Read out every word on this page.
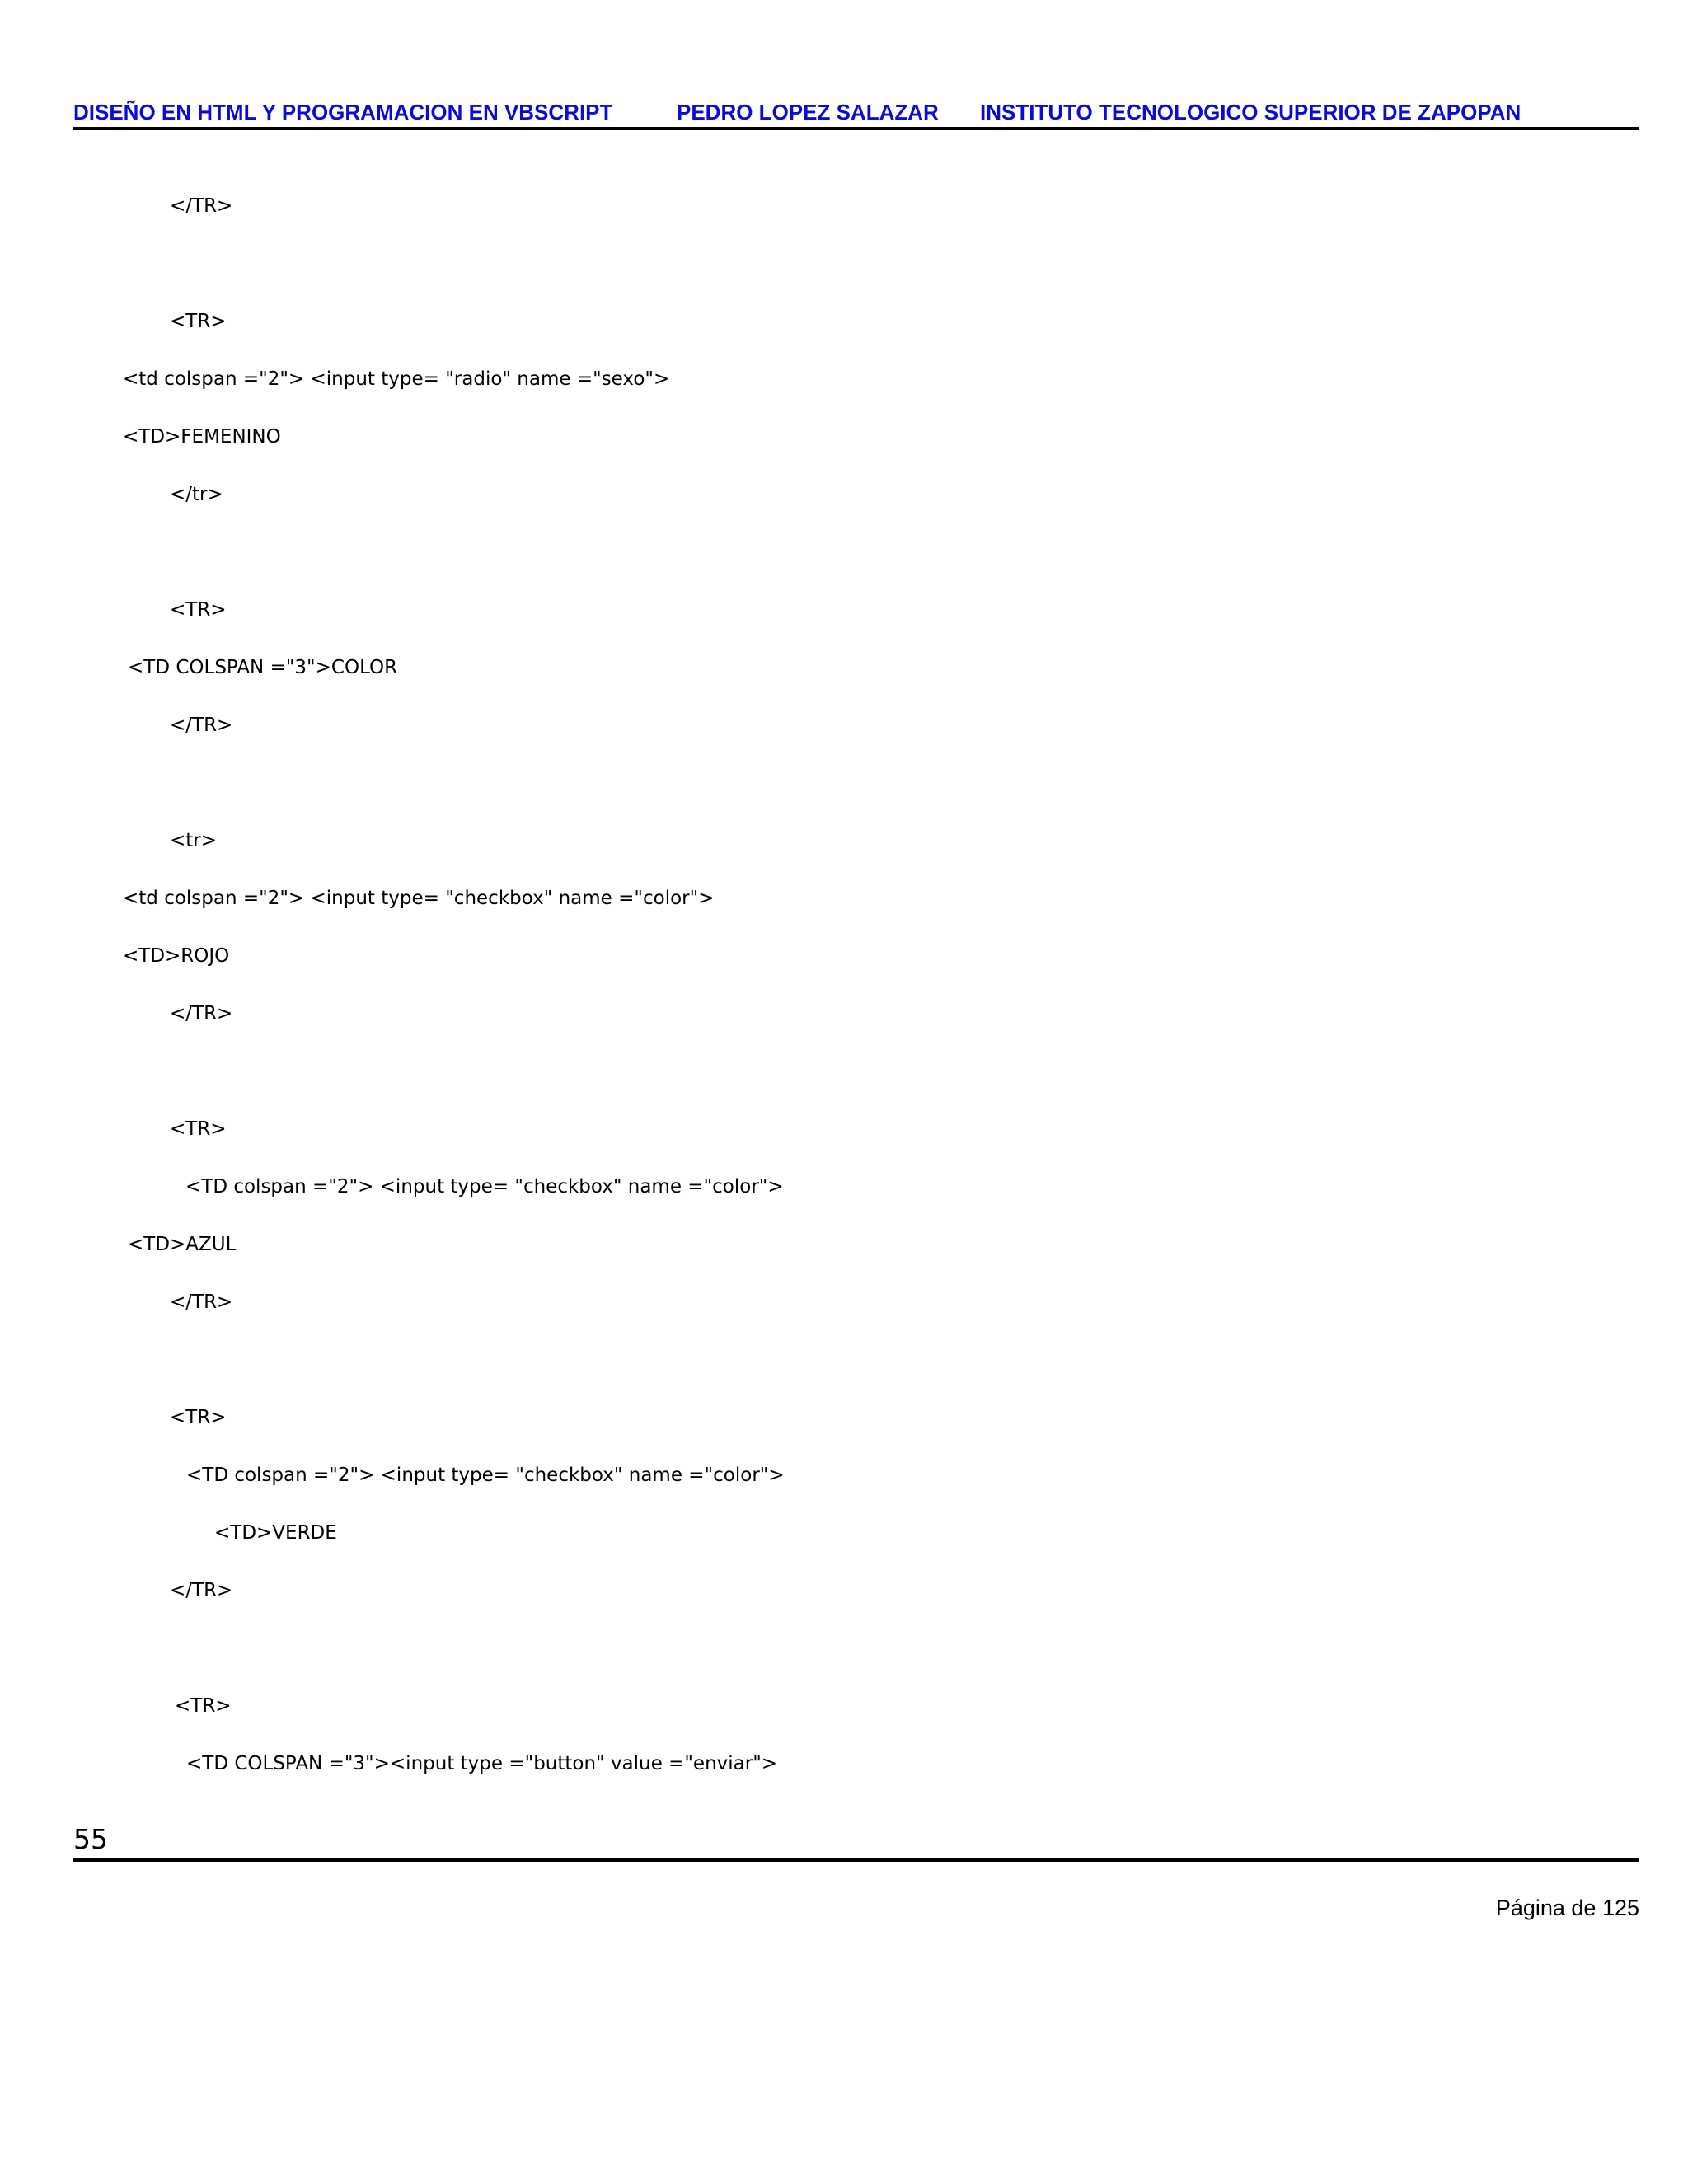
DISEÑO EN HTML Y PROGRAMACION EN VBSCRIPT	PEDRO LOPEZ SALAZAR INSTITUTO TECNOLOGICO SUPERIOR DE ZAPOPAN
</TR>
<TR>
<td colspan ="2"> <input type= "radio" name ="sexo">
<TD>FEMENINO
</tr>
<TR>
<TD COLSPAN ="3">COLOR
</TR>
<tr>
<td colspan ="2"> <input type= "checkbox" name ="color">
<TD>ROJO
</TR>
<TR>
<TD colspan ="2"> <input type= "checkbox" name ="color">
<TD>AZUL
</TR>
<TR>
<TD colspan ="2"> <input type= "checkbox" name ="color">
<TD>VERDE
</TR>
<TR>
<TD COLSPAN ="3"><input type ="button" value ="enviar">
55
Página de 125
